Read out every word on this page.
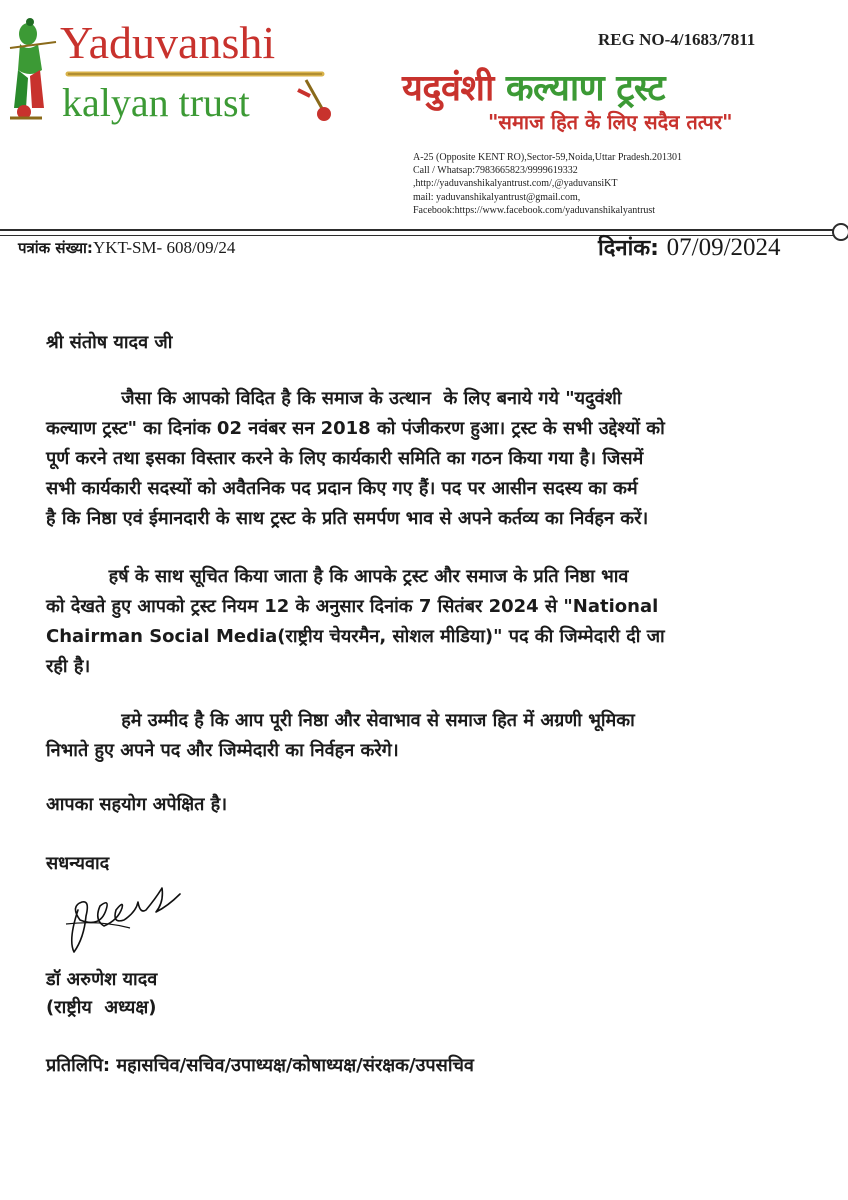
Yaduvanshi
kalyan trust
REG NO-4/1683/7811
यदुवंशी कल्याण ट्रस्ट
"समाज हित के लिए सदैव तत्पर"
A-25 (Opposite KENT RO),Sector-59,Noida,Uttar Pradesh.201301
Call / Whatsap:7983665823/9999619332
,http://yaduvanshikalyantrust.com/,@yaduvansiKT
mail: yaduvanshikalyantrust@gmail.com,
Facebook:https://www.facebook.com/yaduvanshikalyantrust
पत्रांक संख्या:YKT-SM- 608/09/24	दिनांक: 07/09/2024
श्री संतोष यादव जी
जैसा कि आपको विदित है कि समाज के उत्थान  के लिए बनाये गये "यदुवंशी
कल्याण ट्रस्ट" का दिनांक 02 नवंबर सन 2018 को पंजीकरण हुआ। ट्रस्ट के सभी उद्देश्यों को
पूर्ण करने तथा इसका विस्तार करने के लिए कार्यकारी समिति का गठन किया गया है। जिसमें
सभी कार्यकारी सदस्यों को अवैतनिक पद प्रदान किए गए हैं। पद पर आसीन सदस्य का कर्म
है कि निष्ठा एवं ईमानदारी के साथ ट्रस्ट के प्रति समर्पण भाव से अपने कर्तव्य का निर्वहन करें।
हर्ष के साथ सूचित किया जाता है कि आपके ट्रस्ट और समाज के प्रति निष्ठा भाव
को देखते हुए आपको ट्रस्ट नियम 12 के अनुसार दिनांक 7 सितंबर 2024 से "National
Chairman Social Media(राष्ट्रीय चेयरमैन, सोशल मीडिया)" पद की जिम्मेदारी दी जा
रही है।
हमे उम्मीद है कि आप पूरी निष्ठा और सेवाभाव से समाज हित में अग्रणी भूमिका
निभाते हुए अपने पद और जिम्मेदारी का निर्वहन करेगे।
आपका सहयोग अपेक्षित है।
सधन्यवाद
डॉ अरुणेश यादव
(राष्ट्रीय  अध्यक्ष)
प्रतिलिपि: महासचिव/सचिव/उपाध्यक्ष/कोषाध्यक्ष/संरक्षक/उपसचिव
